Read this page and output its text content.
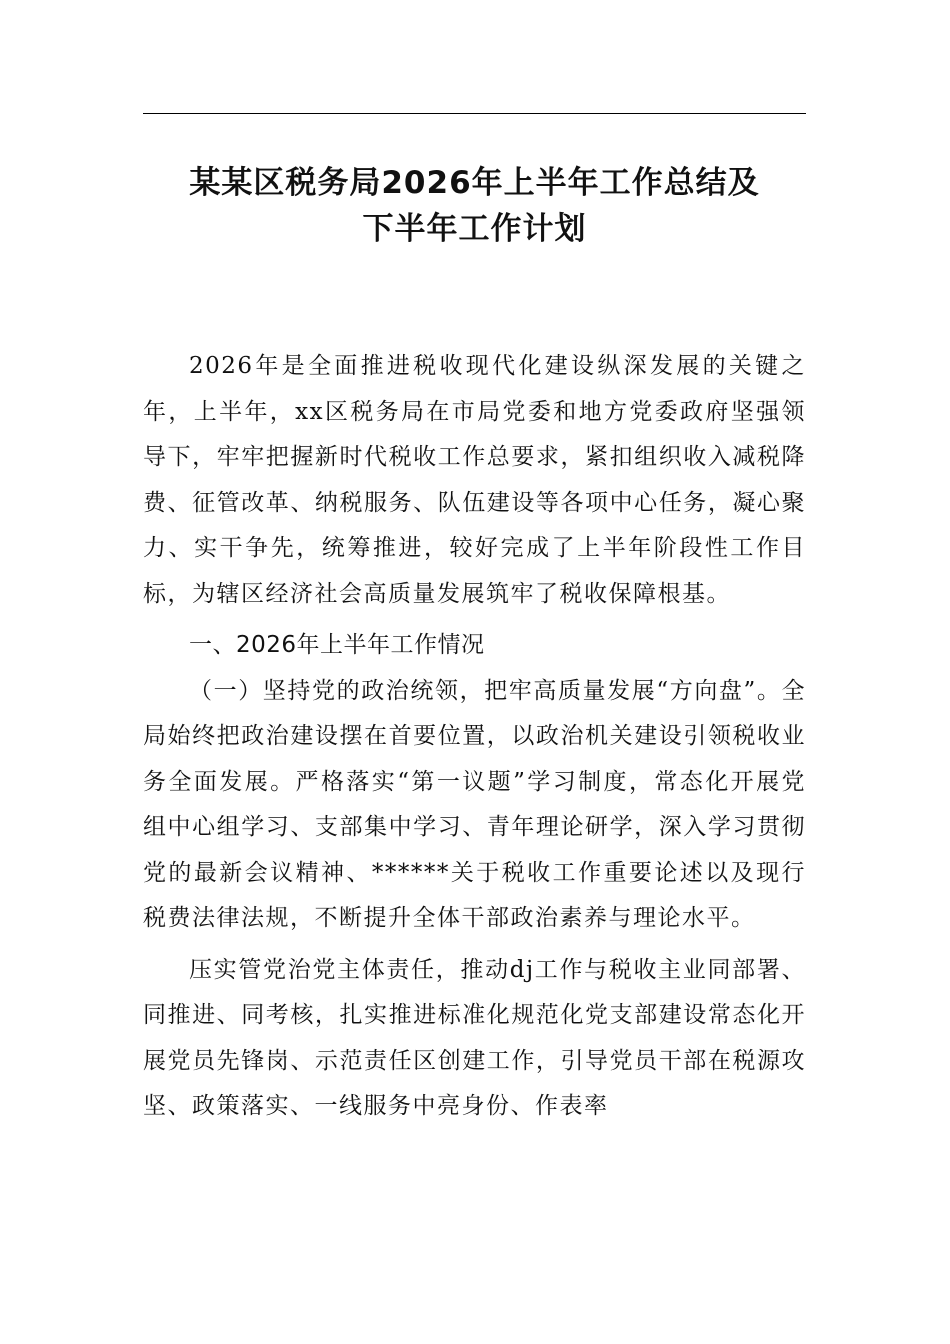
某某区税务局2026年上半年工作总结及
下半年工作计划

2026年是全面推进税收现代化建设纵深发展的关键之年，上半年，xx区税务局在市局党委和地方党委政府坚强领导下，牢牢把握新时代税收工作总要求，紧扣组织收入减税降费、征管改革、纳税服务、队伍建设等各项中心任务，凝心聚力、实干争先，统筹推进，较好完成了上半年阶段性工作目标，为辖区经济社会高质量发展筑牢了税收保障根基。

一、2026年上半年工作情况

（一）坚持党的政治统领，把牢高质量发展“方向盘”。全局始终把政治建设摆在首要位置，以政治机关建设引领税收业务全面发展。严格落实“第一议题”学习制度，常态化开展党组中心组学习、支部集中学习、青年理论研学，深入学习贯彻党的最新会议精神、******关于税收工作重要论述以及现行税费法律法规，不断提升全体干部政治素养与理论水平。

压实管党治党主体责任，推动dj工作与税收主业同部署、同推进、同考核，扎实推进标准化规范化党支部建设常态化开展党员先锋岗、示范责任区创建工作，引导党员干部在税源攻坚、政策落实、一线服务中亮身份、作表率
